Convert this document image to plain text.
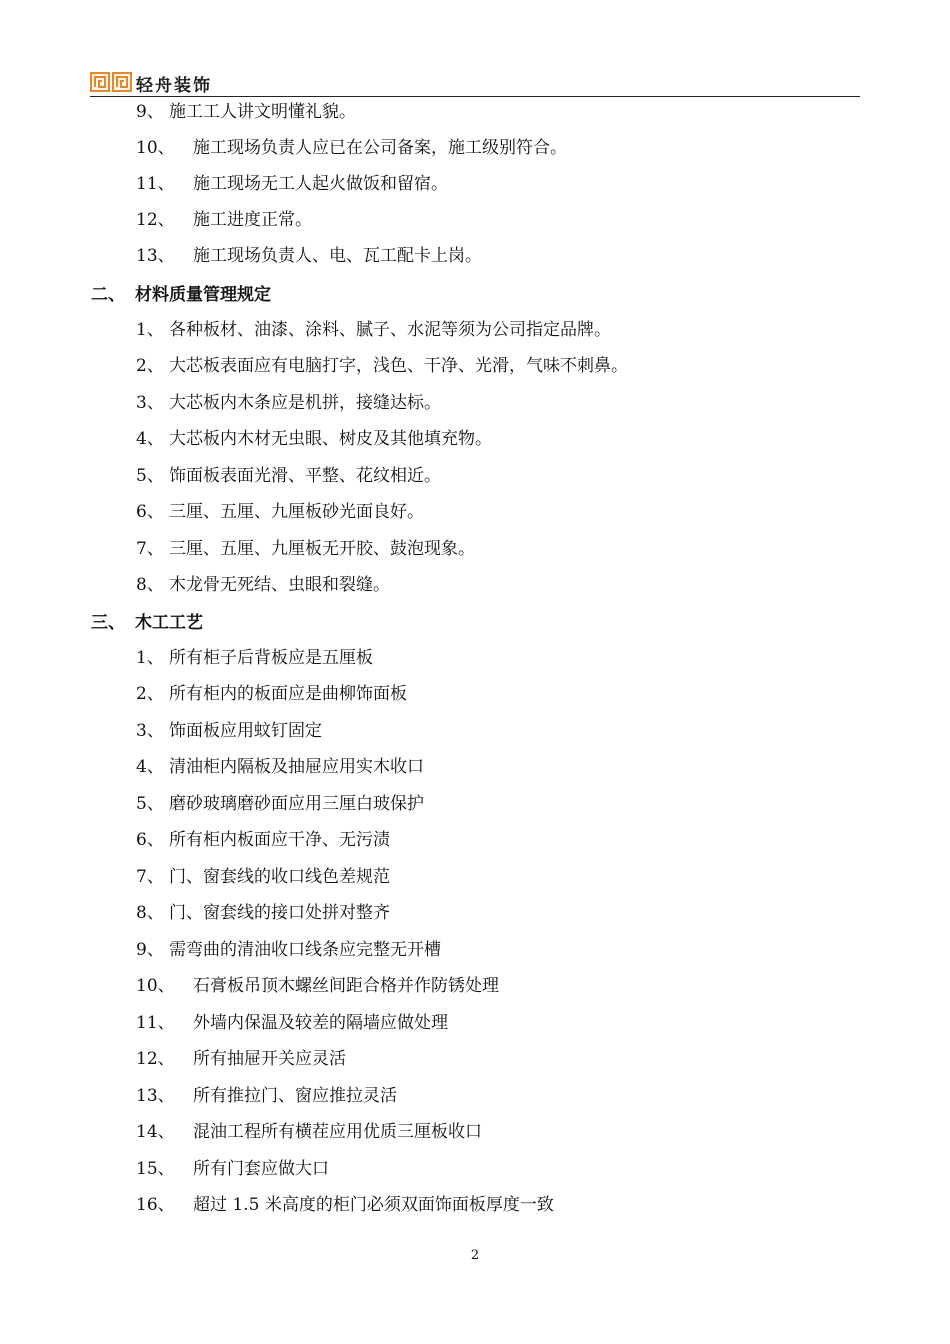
轻舟装饰
9、 施工工人讲文明懂礼貌。
10、 施工现场负责人应已在公司备案，施工级别符合。
11、 施工现场无工人起火做饭和留宿。
12、 施工进度正常。
13、 施工现场负责人、电、瓦工配卡上岗。
二、 材料质量管理规定
1、 各种板材、油漆、涂料、腻子、水泥等须为公司指定品牌。
2、 大芯板表面应有电脑打字，浅色、干净、光滑，气味不刺鼻。
3、 大芯板内木条应是机拼，接缝达标。
4、 大芯板内木材无虫眼、树皮及其他填充物。
5、 饰面板表面光滑、平整、花纹相近。
6、 三厘、五厘、九厘板砂光面良好。
7、 三厘、五厘、九厘板无开胶、鼓泡现象。
8、 木龙骨无死结、虫眼和裂缝。
三、 木工工艺
1、 所有柜子后背板应是五厘板
2、 所有柜内的板面应是曲柳饰面板
3、 饰面板应用蚊钉固定
4、 清油柜内隔板及抽屉应用实木收口
5、 磨砂玻璃磨砂面应用三厘白玻保护
6、 所有柜内板面应干净、无污渍
7、 门、窗套线的收口线色差规范
8、 门、窗套线的接口处拼对整齐
9、 需弯曲的清油收口线条应完整无开槽
10、 石膏板吊顶木螺丝间距合格并作防锈处理
11、 外墙内保温及较差的隔墙应做处理
12、 所有抽屉开关应灵活
13、 所有推拉门、窗应推拉灵活
14、 混油工程所有横茬应用优质三厘板收口
15、 所有门套应做大口
16、 超过 1.5 米高度的柜门必须双面饰面板厚度一致
2
